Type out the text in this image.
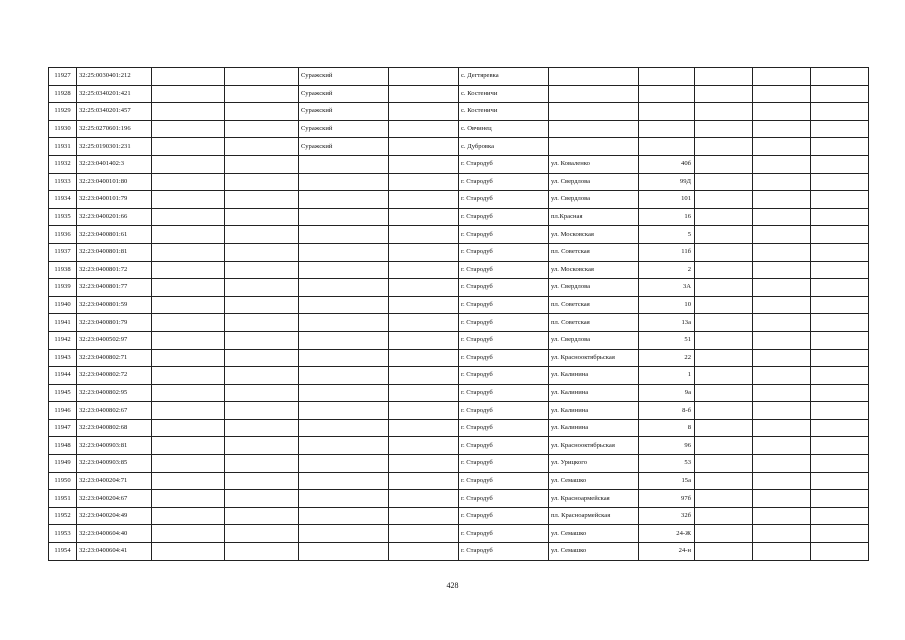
11927	32:25:0030401:212			Суражский		с. Дегтяревка					
11928	32:25:0340201:421			Суражский		с. Костеничи					
11929	32:25:0340201:457			Суражский		с. Костеничи					
11930	32:25:0270601:196			Суражский		с. Овчинец					
11931	32:25:0190301:231			Суражский		с. Дубровка					
11932	32:23:0401402:3					г. Стародуб	ул. Коваленко	40б			
11933	32:23:0400101:80					г. Стародуб	ул. Свердлова	99Д			
11934	32:23:0400101:79					г. Стародуб	ул. Свердлова	101			
11935	32:23:0400201:66					г. Стародуб	пл.Красная	16			
11936	32:23:0400801:61					г. Стародуб	ул. Московская	5			
11937	32:23:0400801:81					г. Стародуб	пл. Советская	11б			
11938	32:23:0400801:72					г. Стародуб	ул. Московская	2			
11939	32:23:0400801:77					г. Стародуб	ул. Свердлова	3А			
11940	32:23:0400801:59					г. Стародуб	пл. Советская	10			
11941	32:23:0400801:79					г. Стародуб	пл. Советская	13а			
11942	32:23:0400502:97					г. Стародуб	ул. Свердлова	51			
11943	32:23:0400802:71					г. Стародуб	ул. Краснооктябрьская	22			
11944	32:23:0400802:72					г. Стародуб	ул. Калинина	1			
11945	32:23:0400802:95					г. Стародуб	ул. Калинина	9а			
11946	32:23:0400802:67					г. Стародуб	ул. Калинина	8-б			
11947	32:23:0400802:68					г. Стародуб	ул. Калинина	8			
11948	32:23:0400903:81					г. Стародуб	ул. Краснооктябрьская	96			
11949	32:23:0400903:85					г. Стародуб	ул. Урицкого	53			
11950	32:23:0400204:71					г. Стародуб	ул. Семашко	15а			
11951	32:23:0400204:67					г. Стародуб	ул. Красноармейская	97б			
11952	32:23:0400204:49					г. Стародуб	пл. Красноармейская	32б			
11953	32:23:0400604:40					г. Стародуб	ул. Семашко	24-Ж			
11954	32:23:0400604:41					г. Стародуб	ул. Семашко	24-н			
428
